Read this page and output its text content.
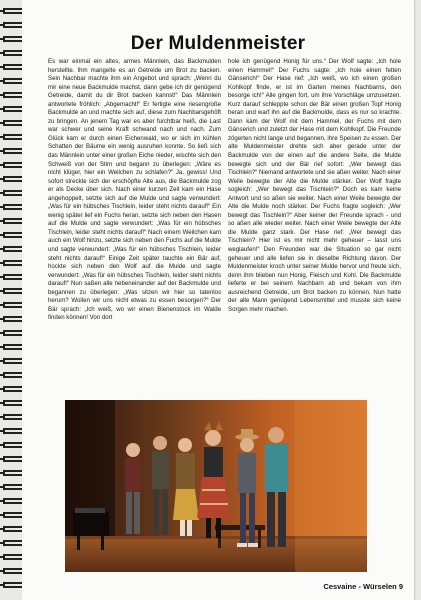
Der Muldenmeister

Es war einmal ein altes, armes Männlein, das Backmulden herstellte. Ihm mangelte es an Getreide um Brot zu backen. Sein Nachbar machte ihm ein Angebot und sprach: „Wenn du mir eine neue Backmulde machst, dann gebe ich dir genügend Getreide, damit du dir Brot backen kannst!“ Das Männlein antwortete fröhlich: „Abgemacht!“ Er fertigte eine riesengroße Backmulde an und machte sich auf, diese zum Nachbarsgehöft zu bringen. An jenem Tag war es aber furchtbar heiß, die Last war schwer und seine Kraft schwand nach und nach. Zum Glück kam er durch einen Eichenwald, wo er sich im kühlen Schatten der Bäume ein wenig ausruhen konnte. So ließ sich das Männlein unter einer großen Eiche nieder, wischte sich den Schweiß von der Stirn und begann zu überlegen: „Wäre es nicht klüger, hier ein Weilchen zu schlafen?“ Ja, gewiss! Und sofort streckte sich der erschöpfte Alte aus, die Backmulde zog er als Decke über sich. Nach einer kurzen Zeit kam ein Hase angehoppelt, setzte sich auf die Mulde und sagte verwundert: „Was für ein hübsches Tischlein, leider steht nichts darauf!“ Ein wenig später lief ein Fuchs heran, setzte sich neben den Hasen auf die Mulde und sagte verwundert: „Was für ein hübsches Tischlein, leider steht nichts darauf!“ Nach einem Weilchen kam auch ein Wolf hinzu, setzte sich neben den Fuchs auf die Mulde und sagte verwundert: „Was für ein hübsches Tischlein, leider steht nichts darauf!“ Einige Zeit später tauchte ein Bär auf, hockte sich neben den Wolf auf die Mulde und sagte verwundert: „Was für ein hübsches Tischlein, leider steht nichts darauf!“ Nun saßen alle nebeneinander auf der Backmulde und begannen zu überlegen: „Was sitzen wir hier so tatenlos herum? Wollen wir uns nicht etwas zu essen besorgen?“ Der Bär sprach: „Ich weiß, wo wir einen Bienenstock im Walde finden können! Von dort

hole ich genügend Honig für uns.“ Der Wolf sagte: „Ich hole einen Hammel!“ Der Fuchs sagte: „Ich hole einen fetten Gänserich!“ Der Hase rief: „Ich weiß, wo ich einen großen Kohlkopf finde, er ist im Garten meines Nachbarns, den besorge ich!“ Alle gingen fort, um ihre Vorschläge umzusetzen. Kurz darauf schleppte schon der Bär einen großen Topf Honig heran und warf ihn auf die Backmulde, dass es nur so krachte. Dann kam der Wolf mit dem Hammel, der Fuchs mit dem Gänserich und zuletzt der Hase mit dem Kohlkopf. Die Freunde zögerten nicht lange und begannen, ihre Speisen zu essen. Der alte Muldenmeister drehte sich aber gerade unter der Backmulde von der einen auf die andere Seite, die Mulde bewegte sich und der Bär rief sofort: „Wer bewegt das Tischlein?“ Niemand antwortete und sie aßen weiter. Nach einer Weile bewegte der Alte die Mulde stärker. Der Wolf fragte sogleich: „Wer bewegt das Tischlein?“ Doch es kam keine Antwort und so aßen sie weiter. Nach einer Weile bewegte der Alte die Mulde noch stärker. Der Fuchs fragte sogleich: „Wer bewegt das Tischlein?“ Aber keiner der Freunde sprach - und so aßen alle wieder weiter. Nach einer Weile bewegte der Alte die Mulde ganz stark. Der Hase rief: „Wer bewegt das Tischlein? Hier ist es mir nicht mehr geheuer – lasst uns weglaufen!“ Den Freunden war die Situation so gar nicht geheuer und alle liefen sie in dieselbe Richtung davon. Der Muldenmeister kroch unter seiner Mulde hervor und freute sich, denn ihm blieben nun Honig, Fleisch und Kohl. Die Backmulde lieferte er bei seinem Nachbarn ab und bekam von ihm ausreichend Getreide, um Brot backen zu können. Nun hatte der alte Mann genügend Lebensmittel und musste sich keine Sorgen mehr machen.

Cesvaine - Würselen 9
